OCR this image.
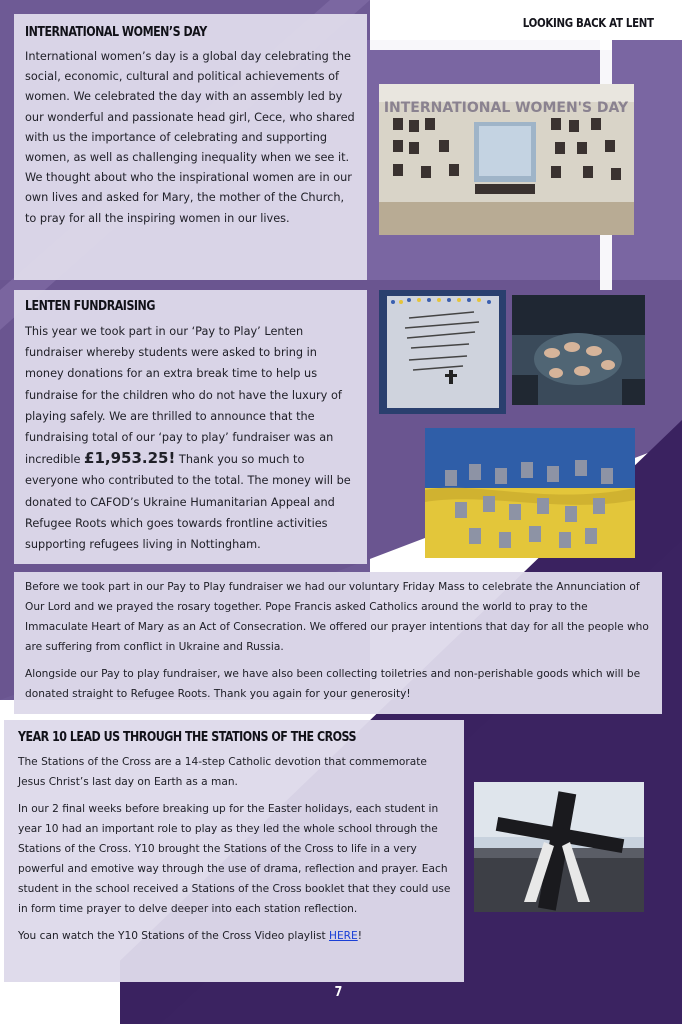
LOOKING BACK AT LENT
INTERNATIONAL WOMEN’S DAY

International women’s day is a global day celebrating the social, economic, cultural and political achievements of women. We celebrated the day with an assembly led by our wonderful and passionate head girl, Cece, who shared with us the importance of celebrating and supporting women, as well as challenging inequality when we see it. We thought about who the inspirational women are in our own lives and asked for Mary, the mother of the Church, to pray for all the inspiring women in our lives.

INTERNATIONAL WOMEN'S DAY
LENTEN FUNDRAISING

This year we took part in our ‘Pay to Play’ Lenten fundraiser whereby students were asked to bring in money donations for an extra break time to help us fundraise for the children who do not have the luxury of playing safely. We are thrilled to announce that the fundraising total of our ‘pay to play’ fundraiser was an incredible £1,953.25! Thank you so much to everyone who contributed to the total. The money will be donated to CAFOD’s Ukraine Humanitarian Appeal and Refugee Roots which goes towards frontline activities supporting refugees living in Nottingham.

Before we took part in our Pay to Play fundraiser we had our voluntary Friday Mass to celebrate the Annunciation of Our Lord and we prayed the rosary together. Pope Francis asked Catholics around the world to pray to the Immaculate Heart of Mary as an Act of Consecration. We offered our prayer intentions that day for all the people who are suffering from conflict in Ukraine and Russia.

Alongside our Pay to play fundraiser, we have also been collecting toiletries and non-perishable goods which will be donated straight to Refugee Roots. Thank you again for your generosity!

YEAR 10 LEAD US THROUGH THE STATIONS OF THE CROSS

The Stations of the Cross are a 14-step Catholic devotion that commemorate Jesus Christ’s last day on Earth as a man.

In our 2 final weeks before breaking up for the Easter holidays, each student in year 10 had an important role to play as they led the whole school through the Stations of the Cross. Y10 brought the Stations of the Cross to life in a very powerful and emotive way through the use of drama, reflection and prayer. Each student in the school received a Stations of the Cross booklet that they could use in form time prayer to delve deeper into each station reflection.

You can watch the Y10 Stations of the Cross Video playlist HERE!

7
